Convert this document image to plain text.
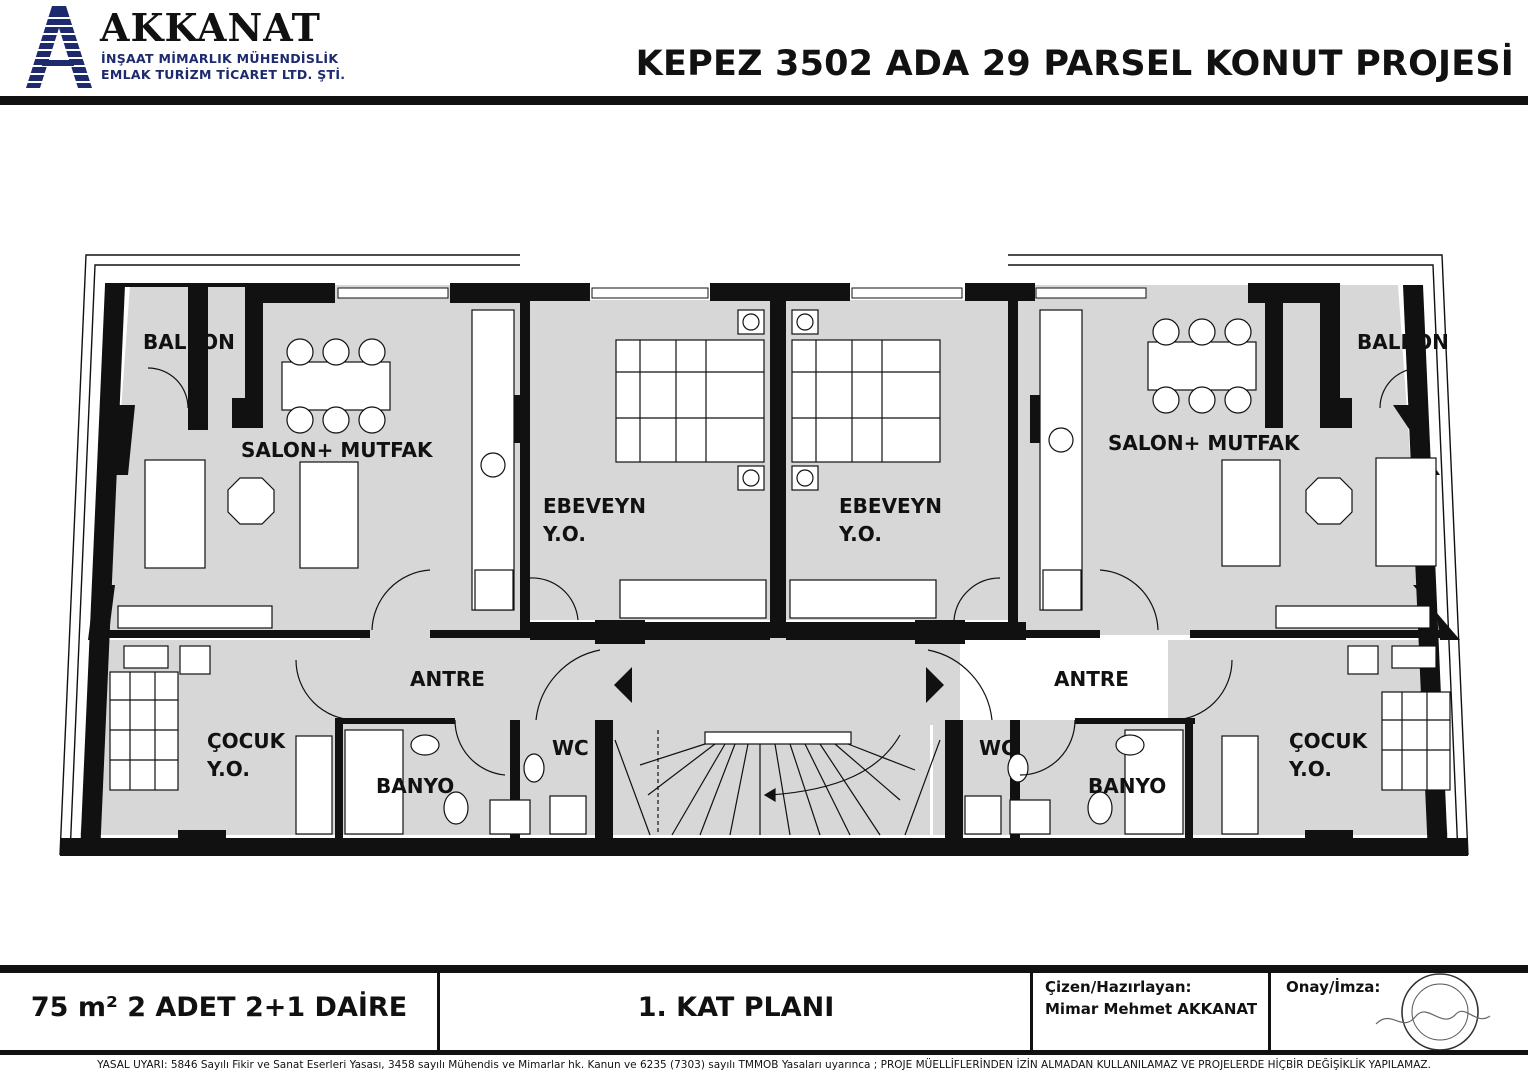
AKKANAT
İNŞAAT MİMARLIK MÜHENDİSLİK
EMLAK TURİZM TİCARET LTD. ŞTİ.	KEPEZ 3502 ADA 29 PARSEL KONUT PROJESİ
BALKON	BALKON
SALON+ MUTFAK	SALON+ MUTFAK
EBEVEYN
Y.O.
EBEVEYN
Y.O.
ANTRE	ANTRE
ÇOCUK
Y.O.
ÇOCUK
Y.O.
BANYO	BANYO
WC	WC
75 m² 2 ADET 2+1 DAİRE	1. KAT PLANI
Çizen/Hazırlayan:
Mimar Mehmet AKKANAT
Onay/İmza:
YASAL UYARI: 5846 Sayılı Fikir ve Sanat Eserleri Yasası, 3458 sayılı Mühendis ve Mimarlar hk. Kanun ve 6235 (7303) sayılı TMMOB Yasaları uyarınca ; PROJE MÜELLİFLERİNDEN İZİN ALMADAN KULLANILAMAZ VE PROJELERDE HİÇBİR DEĞİŞİKLİK YAPILAMAZ.
